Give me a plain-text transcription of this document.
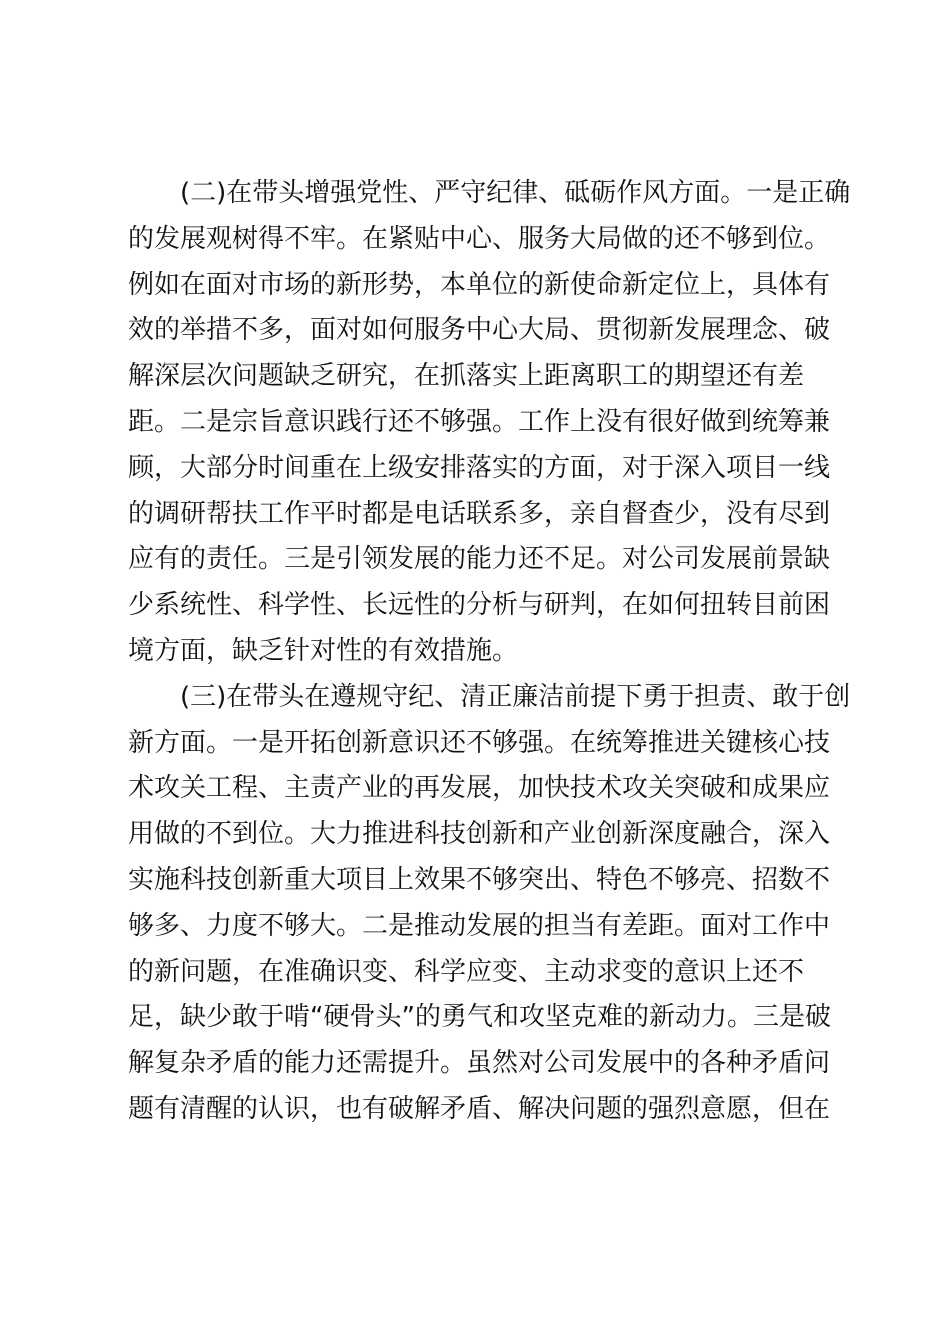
(二)在带头增强党性、严守纪律、砥砺作风方面。一是正确
的发展观树得不牢。在紧贴中心、服务大局做的还不够到位。
例如在面对市场的新形势，本单位的新使命新定位上，具体有
效的举措不多，面对如何服务中心大局、贯彻新发展理念、破
解深层次问题缺乏研究，在抓落实上距离职工的期望还有差
距。二是宗旨意识践行还不够强。工作上没有很好做到统筹兼
顾，大部分时间重在上级安排落实的方面，对于深入项目一线
的调研帮扶工作平时都是电话联系多，亲自督查少，没有尽到
应有的责任。三是引领发展的能力还不足。对公司发展前景缺
少系统性、科学性、长远性的分析与研判，在如何扭转目前困
境方面，缺乏针对性的有效措施。
(三)在带头在遵规守纪、清正廉洁前提下勇于担责、敢于创
新方面。一是开拓创新意识还不够强。在统筹推进关键核心技
术攻关工程、主责产业的再发展，加快技术攻关突破和成果应
用做的不到位。大力推进科技创新和产业创新深度融合，深入
实施科技创新重大项目上效果不够突出、特色不够亮、招数不
够多、力度不够大。二是推动发展的担当有差距。面对工作中
的新问题，在准确识变、科学应变、主动求变的意识上还不
足，缺少敢于啃“硬骨头”的勇气和攻坚克难的新动力。三是破
解复杂矛盾的能力还需提升。虽然对公司发展中的各种矛盾问
题有清醒的认识，也有破解矛盾、解决问题的强烈意愿，但在
